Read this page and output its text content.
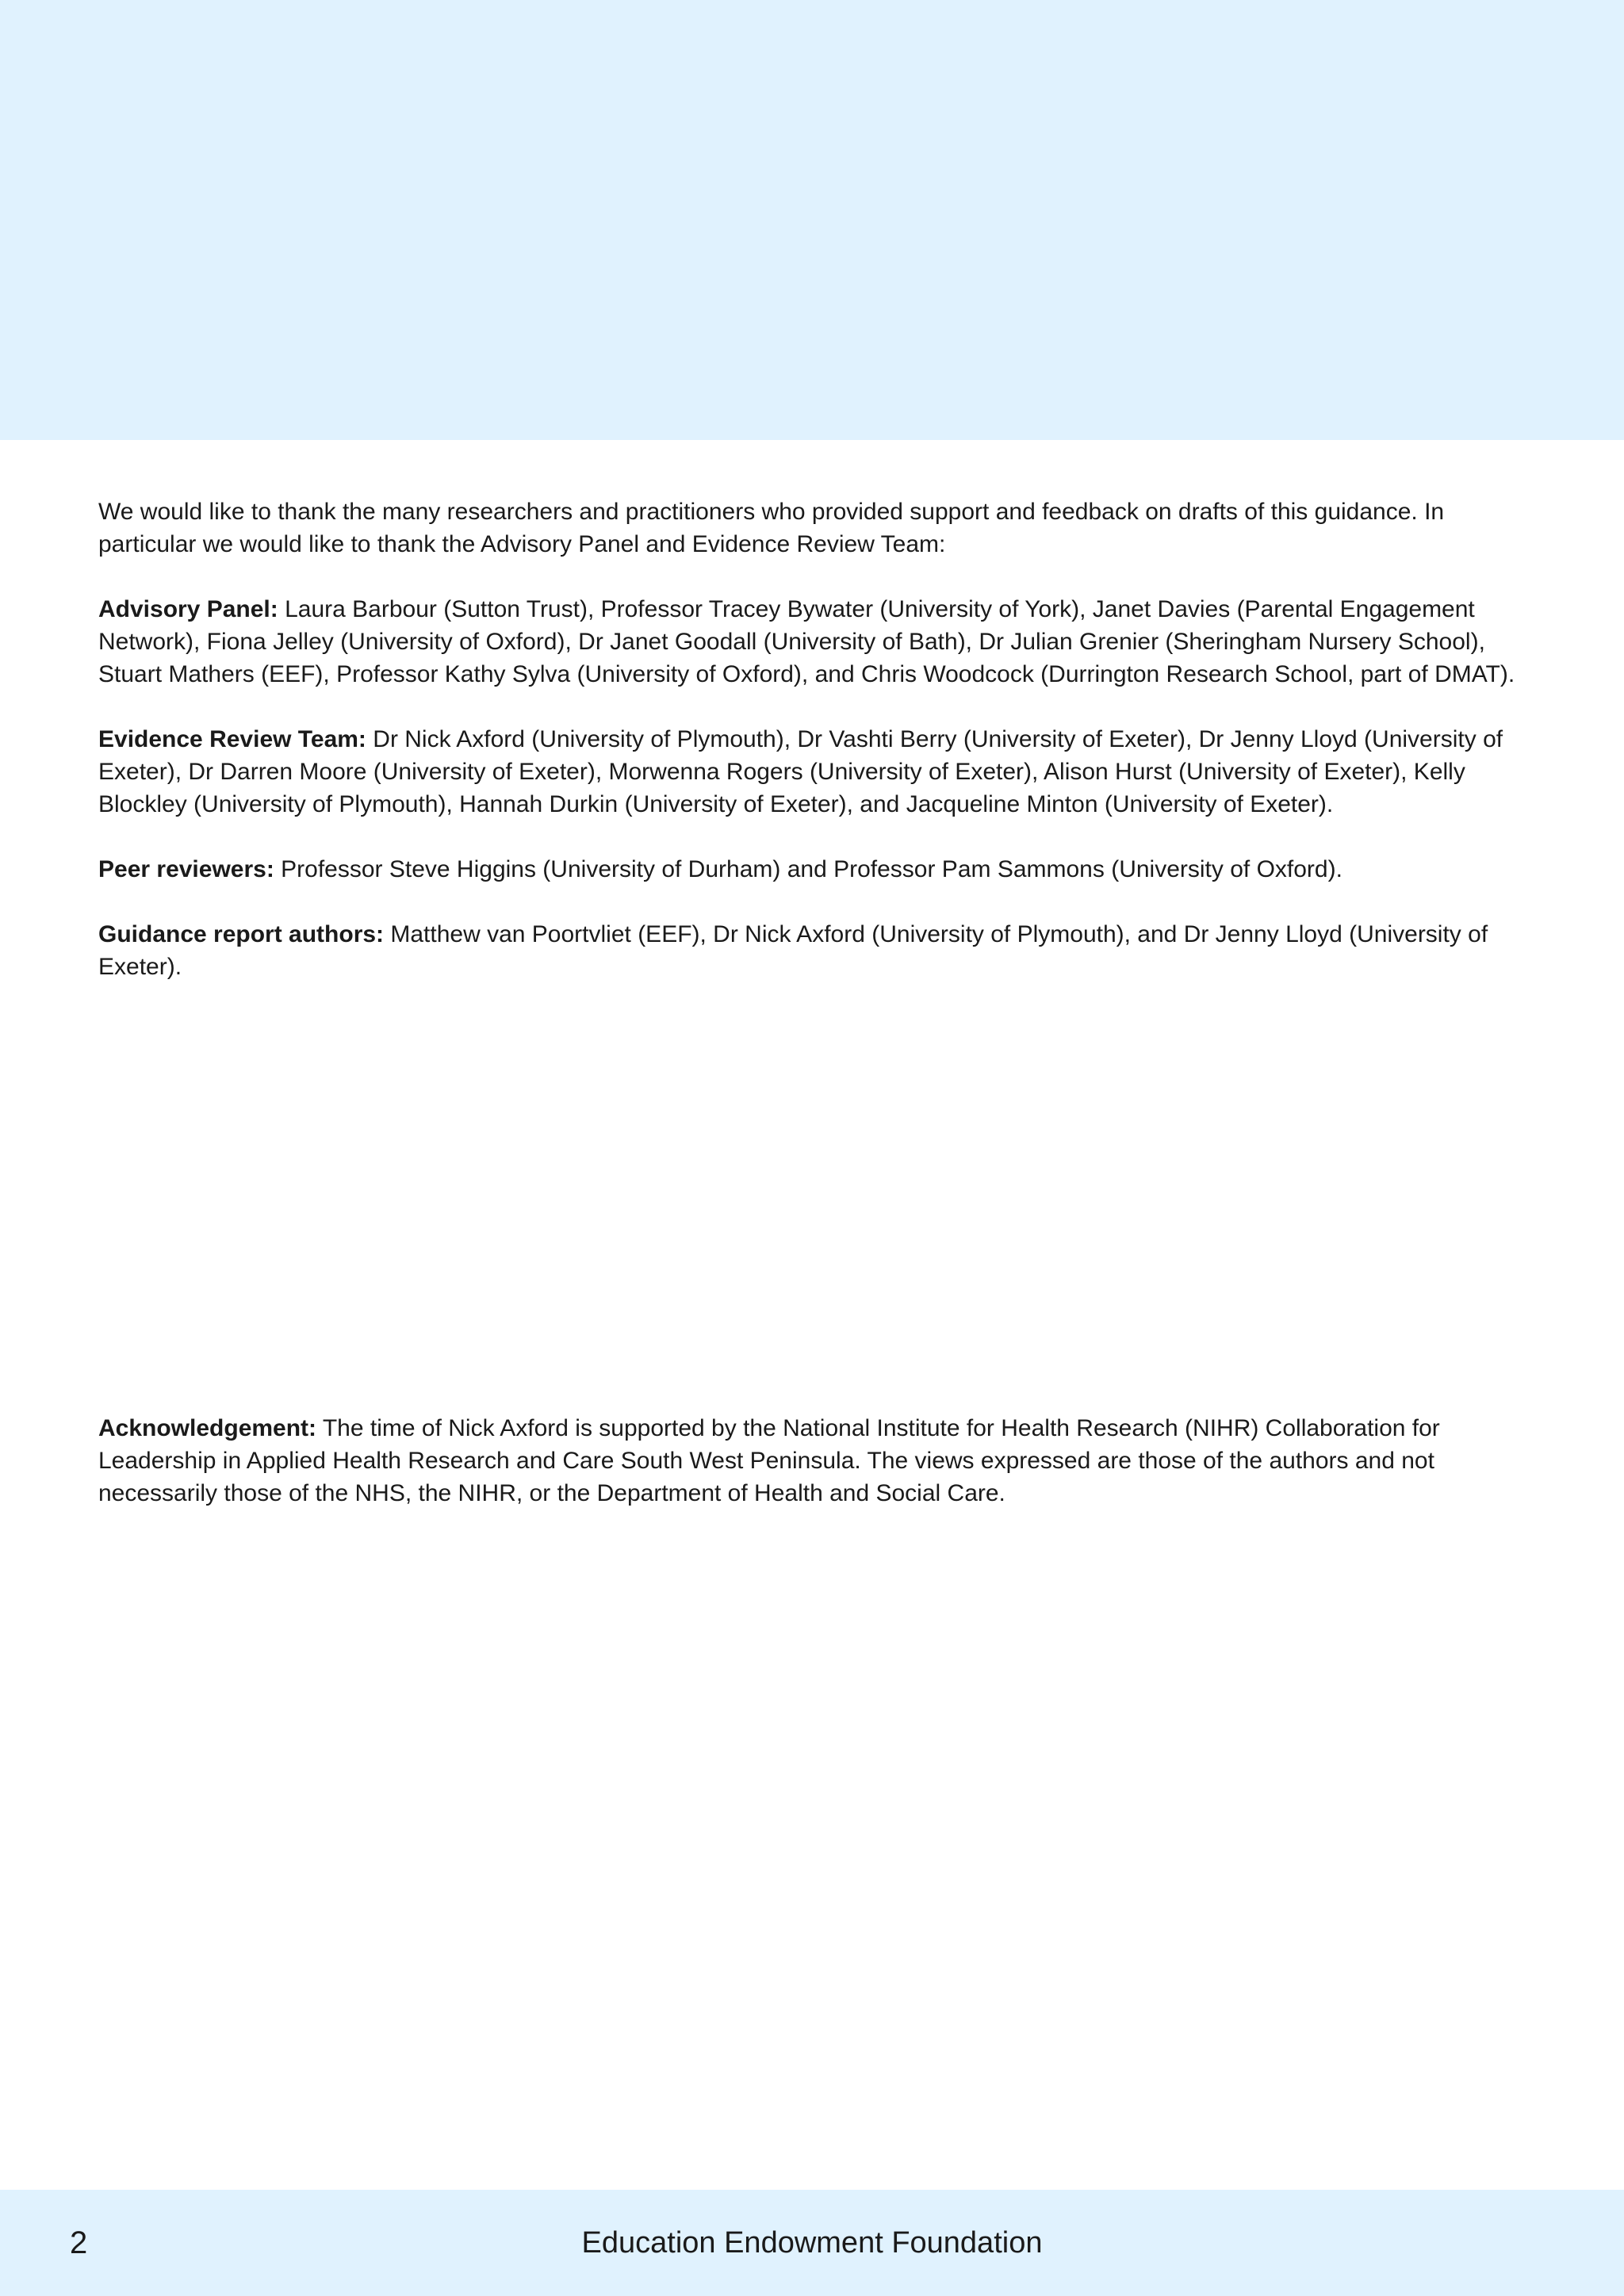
We would like to thank the many researchers and practitioners who provided support and feedback on drafts of this guidance. In particular we would like to thank the Advisory Panel and Evidence Review Team:

Advisory Panel: Laura Barbour (Sutton Trust), Professor Tracey Bywater (University of York), Janet Davies (Parental Engagement Network), Fiona Jelley (University of Oxford), Dr Janet Goodall (University of Bath), Dr Julian Grenier (Sheringham Nursery School), Stuart Mathers (EEF), Professor Kathy Sylva (University of Oxford), and Chris Woodcock (Durrington Research School, part of DMAT).

Evidence Review Team: Dr Nick Axford (University of Plymouth), Dr Vashti Berry (University of Exeter), Dr Jenny Lloyd (University of Exeter), Dr Darren Moore (University of Exeter), Morwenna Rogers (University of Exeter), Alison Hurst (University of Exeter), Kelly Blockley (University of Plymouth), Hannah Durkin (University of Exeter), and Jacqueline Minton (University of Exeter).

Peer reviewers: Professor Steve Higgins (University of Durham) and Professor Pam Sammons (University of Oxford).

Guidance report authors: Matthew van Poortvliet (EEF), Dr Nick Axford (University of Plymouth), and Dr Jenny Lloyd (University of Exeter).

Acknowledgement: The time of Nick Axford is supported by the National Institute for Health Research (NIHR) Collaboration for Leadership in Applied Health Research and Care South West Peninsula. The views expressed are those of the authors and not necessarily those of the NHS, the NIHR, or the Department of Health and Social Care.

Education Endowment Foundation
2
